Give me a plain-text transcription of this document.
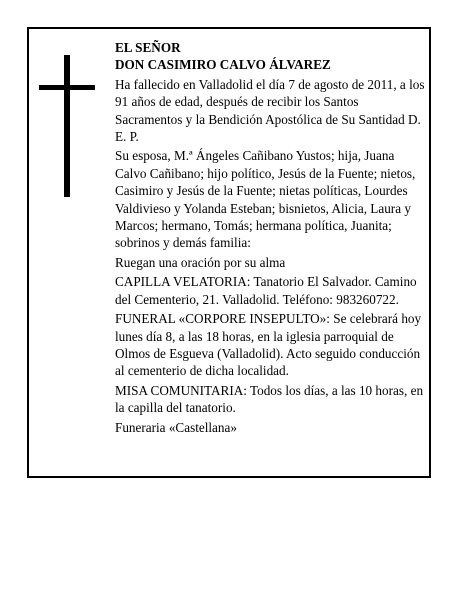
EL SEÑOR
DON CASIMIRO CALVO ÁLVAREZ
Ha fallecido en Valladolid el día 7 de agosto de 2011, a los 91 años de edad, después de recibir los Santos Sacramentos y la Bendición Apostólica de Su Santidad D. E. P.
Su esposa, M.ª Ángeles Cañibano Yustos; hija, Juana Calvo Cañibano; hijo político, Jesús de la Fuente; nietos, Casimiro y Jesús de la Fuente; nietas políticas, Lourdes Valdivieso y Yolanda Esteban; bisnietos, Alicia, Laura y Marcos; hermano, Tomás; hermana política, Juanita; sobrinos y demás familia:
Ruegan una oración por su alma
CAPILLA VELATORIA: Tanatorio El Salvador. Camino del Cementerio, 21. Valladolid. Teléfono: 983260722.
FUNERAL «CORPORE INSEPULTO»: Se celebrará hoy lunes día 8, a las 18 horas, en la iglesia parroquial de Olmos de Esgueva (Valladolid). Acto seguido conducción al cementerio de dicha localidad.
MISA COMUNITARIA: Todos los días, a las 10 horas, en la capilla del tanatorio.
Funeraria «Castellana»
